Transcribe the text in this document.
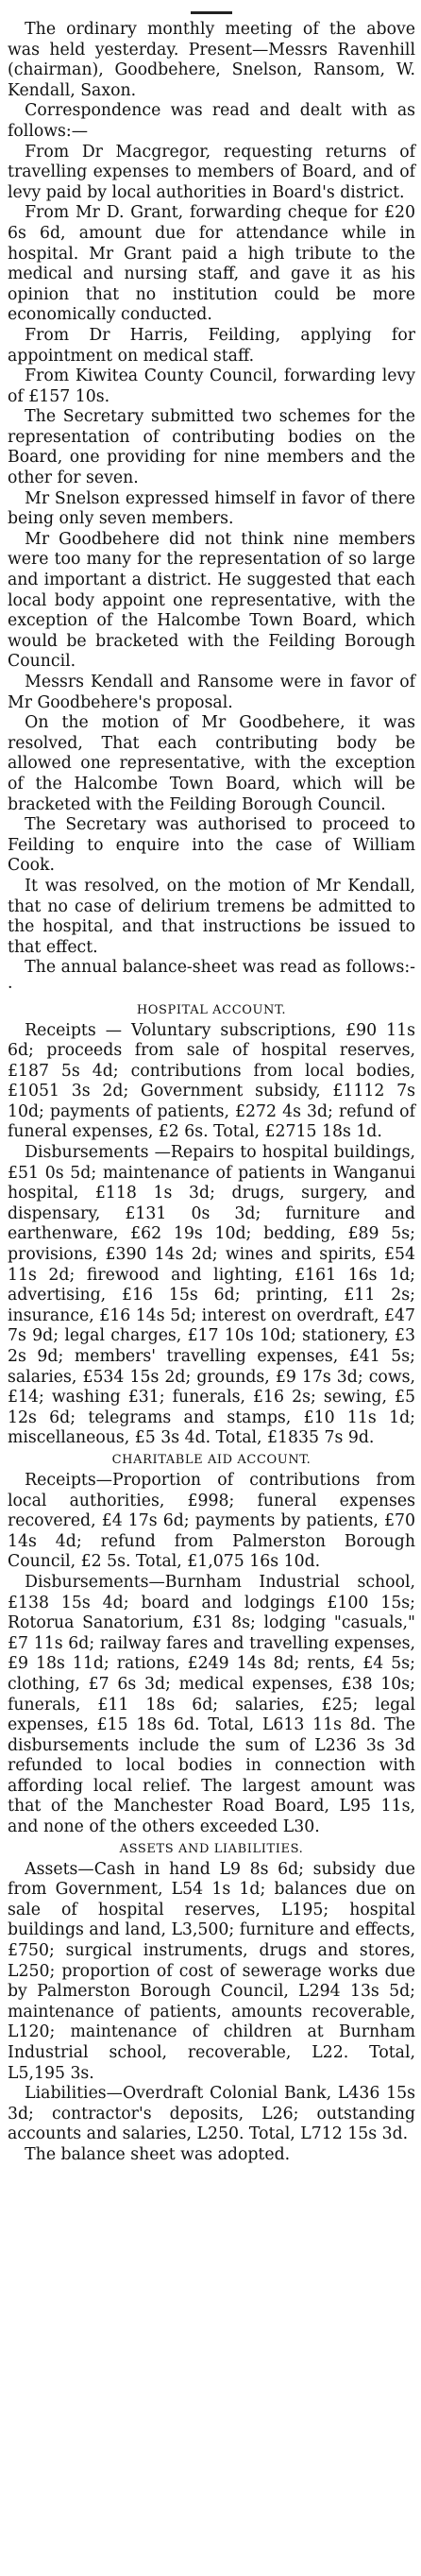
The ordinary monthly meeting of the above was held yesterday. Present—Messrs Ravenhill (chairman), Goodbehere, Snelson, Ransom, W. Kendall, Saxon.

Correspondence was read and dealt with as follows:—

From Dr Macgregor, requesting returns of travelling expenses to members of Board, and of levy paid by local authorities in Board's district.

From Mr D. Grant, forwarding cheque for £20 6s 6d, amount due for attendance while in hospital. Mr Grant paid a high tribute to the medical and nursing staff, and gave it as his opinion that no institution could be more economically conducted.

From Dr Harris, Feilding, applying for appointment on medical staff.

From Kiwitea County Council, forwarding levy of £157 10s.

The Secretary submitted two schemes for the representation of contributing bodies on the Board, one providing for nine members and the other for seven.

Mr Snelson expressed himself in favor of there being only seven members.

Mr Goodbehere did not think nine members were too many for the representation of so large and important a district. He suggested that each local body appoint one representative, with the exception of the Halcombe Town Board, which would be bracketed with the Feilding Borough Council.

Messrs Kendall and Ransome were in favor of Mr Goodbehere's proposal.

On the motion of Mr Goodbehere, it was resolved, That each contributing body be allowed one representative, with the exception of the Halcombe Town Board, which will be bracketed with the Feilding Borough Council.

The Secretary was authorised to proceed to Feilding to enquire into the case of William Cook.

It was resolved, on the motion of Mr Kendall, that no case of delirium tremens be admitted to the hospital, and that instructions be issued to that effect.

The annual balance-sheet was read as follows:-·

HOSPITAL ACCOUNT.

Receipts — Voluntary subscriptions, £90 11s 6d; proceeds from sale of hospital reserves, £187 5s 4d; contributions from local bodies, £1051 3s 2d; Government subsidy, £1112 7s 10d; payments of patients, £272 4s 3d; refund of funeral expenses, £2 6s. Total, £2715 18s 1d.

Disbursements —Repairs to hospital buildings, £51 0s 5d; maintenance of patients in Wanganui hospital, £118 1s 3d; drugs, surgery, and dispensary, £131 0s 3d; furniture and earthenware, £62 19s 10d; bedding, £89 5s; provisions, £390 14s 2d; wines and spirits, £54 11s 2d; firewood and lighting, £161 16s 1d; advertising, £16 15s 6d; printing, £11 2s; insurance, £16 14s 5d; interest on overdraft, £47 7s 9d; legal charges, £17 10s 10d; stationery, £3 2s 9d; members' travelling expenses, £41 5s; salaries, £534 15s 2d; grounds, £9 17s 3d; cows, £14; washing £31; funerals, £16 2s; sewing, £5 12s 6d; telegrams and stamps, £10 11s 1d; miscellaneous, £5 3s 4d. Total, £1835 7s 9d.

CHARITABLE AID ACCOUNT.

Receipts—Proportion of contributions from local authorities, £998; funeral expenses recovered, £4 17s 6d; payments by patients, £70 14s 4d; refund from Palmerston Borough Council, £2 5s. Total, £1,075 16s 10d.

Disbursements—Burnham Industrial school, £138 15s 4d; board and lodgings £100 15s; Rotorua Sanatorium, £31 8s; lodging "casuals," £7 11s 6d; railway fares and travelling expenses, £9 18s 11d; rations, £249 14s 8d; rents, £4 5s; clothing, £7 6s 3d; medical expenses, £38 10s; funerals, £11 18s 6d; salaries, £25; legal expenses, £15 18s 6d. Total, L613 11s 8d. The disbursements include the sum of L236 3s 3d refunded to local bodies in connection with affording local relief. The largest amount was that of the Manchester Road Board, L95 11s, and none of the others exceeded L30.

ASSETS AND LIABILITIES.

Assets—Cash in hand L9 8s 6d; subsidy due from Government, L54 1s 1d; balances due on sale of hospital reserves, L195; hospital buildings and land, L3,500; furniture and effects, £750; surgical instruments, drugs and stores, L250; proportion of cost of sewerage works due by Palmerston Borough Council, L294 13s 5d; maintenance of patients, amounts recoverable, L120; maintenance of children at Burnham Industrial school, recoverable, L22. Total, L5,195 3s.

Liabilities—Overdraft Colonial Bank, L436 15s 3d; contractor's deposits, L26; outstanding accounts and salaries, L250. Total, L712 15s 3d.

The balance sheet was adopted.
